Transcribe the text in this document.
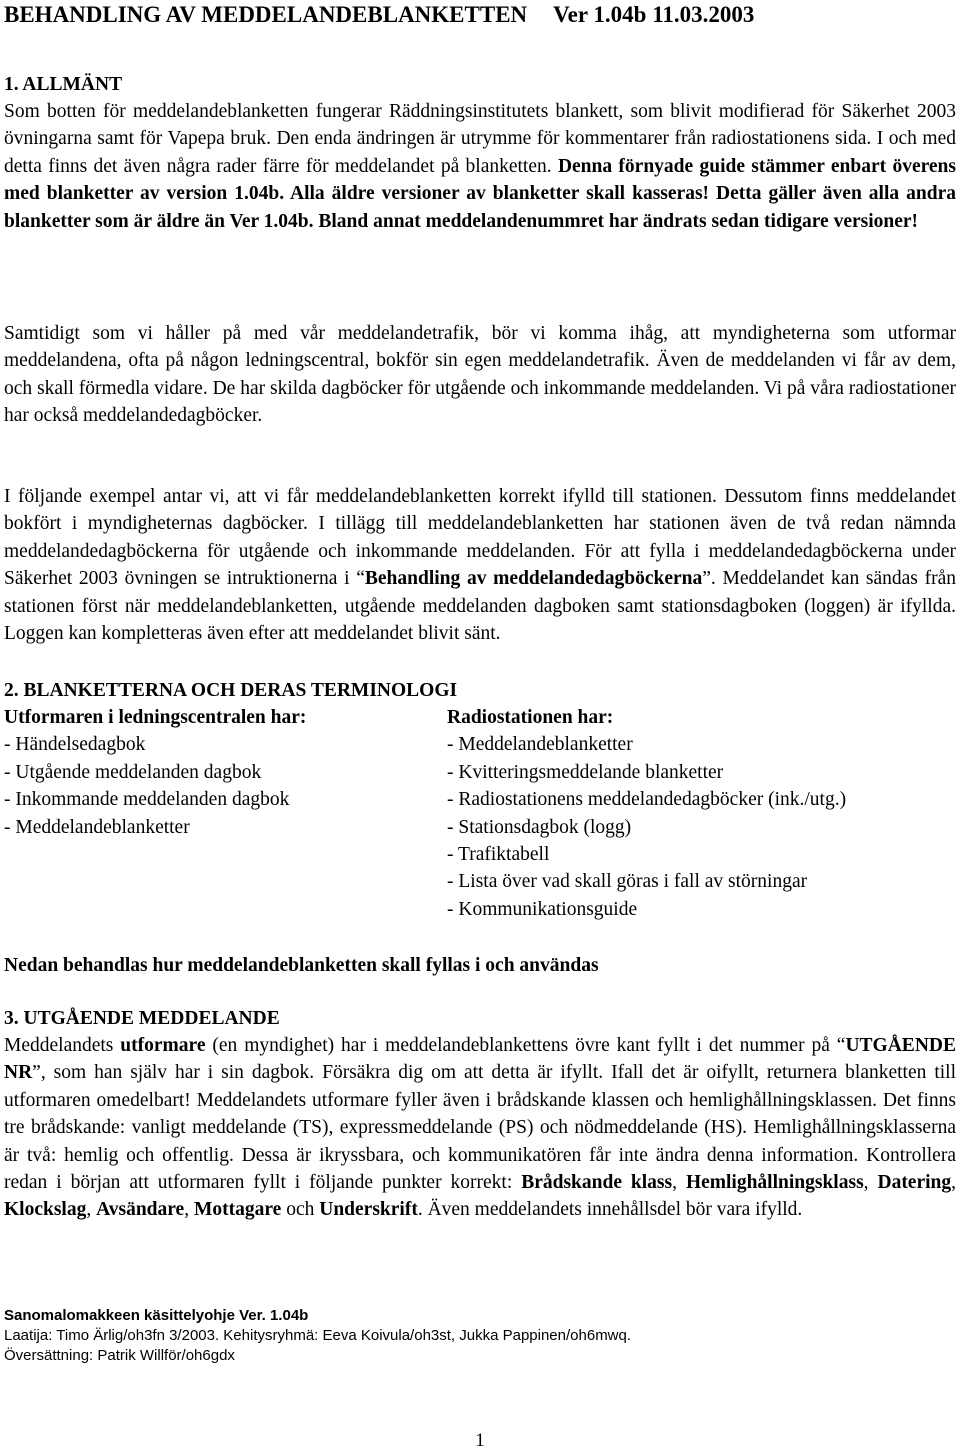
BEHANDLING AV MEDDELANDEBLANKETTEN Ver 1.04b 11.03.2003
1. ALLMÄNT
Som botten för meddelandeblanketten fungerar Räddningsinstitutets blankett, som blivit modifierad för Säkerhet 2003 övningarna samt för Vapepa bruk. Den enda ändringen är utrymme för kommentarer från radiostationens sida. I och med detta finns det även några rader färre för meddelandet på blanketten. Denna förnyade guide stämmer enbart överens med blanketter av version 1.04b. Alla äldre versioner av blanketter skall kasseras! Detta gäller även alla andra blanketter som är äldre än Ver 1.04b. Bland annat meddelandenummret har ändrats sedan tidigare versioner!
Samtidigt som vi håller på med vår meddelandetrafik, bör vi komma ihåg, att myndigheterna som utformar meddelandena, ofta på någon ledningscentral, bokför sin egen meddelandetrafik. Även de meddelanden vi får av dem, och skall förmedla vidare. De har skilda dagböcker för utgående och inkommande meddelanden. Vi på våra radiostationer har också meddelandedagböcker.
I följande exempel antar vi, att vi får meddelandeblanketten korrekt ifylld till stationen. Dessutom finns meddelandet bokfört i myndigheternas dagböcker. I tillägg till meddelandeblanketten har stationen även de två redan nämnda meddelandedagböckerna för utgående och inkommande meddelanden. För att fylla i meddelandedagböckerna under Säkerhet 2003 övningen se intruktionerna i “Behandling av meddelandedagböckerna”. Meddelandet kan sändas från stationen först när meddelandeblanketten, utgående meddelanden dagboken samt stationsdagboken (loggen) är ifyllda. Loggen kan kompletteras även efter att meddelandet blivit sänt.
2. BLANKETTERNA OCH DERAS TERMINOLOGI
Utformaren i ledningscentralen har:
- Händelsedagbok
- Utgående meddelanden dagbok
- Inkommande meddelanden dagbok
- Meddelandeblanketter
Radiostationen har:
- Meddelandeblanketter
- Kvitteringsmeddelande blanketter
- Radiostationens meddelandedagböcker (ink./utg.)
- Stationsdagbok (logg)
- Trafiktabell
- Lista över vad skall göras i fall av störningar
- Kommunikationsguide
Nedan behandlas hur meddelandeblanketten skall fyllas i och användas
3. UTGÅENDE MEDDELANDE
Meddelandets utformare (en myndighet) har i meddelandeblankettens övre kant fyllt i det nummer på “UTGÅENDE NR”, som han själv har i sin dagbok. Försäkra dig om att detta är ifyllt. Ifall det är oifyllt, returnera blanketten till utformaren omedelbart! Meddelandets utformare fyller även i brådskande klassen och hemlighållningsklassen. Det finns tre brådskande: vanligt meddelande (TS), expressmeddelande (PS) och nödmeddelande (HS). Hemlighållningsklasserna är två: hemlig och offentlig. Dessa är ikryssbara, och kommunikatören får inte ändra denna information. Kontrollera redan i början att utformaren fyllt i följande punkter korrekt: Brådskande klass, Hemlighållningsklass, Datering, Klockslag, Avsändare, Mottagare och Underskrift. Även meddelandets innehållsdel bör vara ifylld.
Sanomalomakkeen käsittelyohje Ver. 1.04b
Laatija: Timo Ärlig/oh3fn 3/2003. Kehitysryhmä: Eeva Koivula/oh3st, Jukka Pappinen/oh6mwq.
Översättning: Patrik Willför/oh6gdx
1
